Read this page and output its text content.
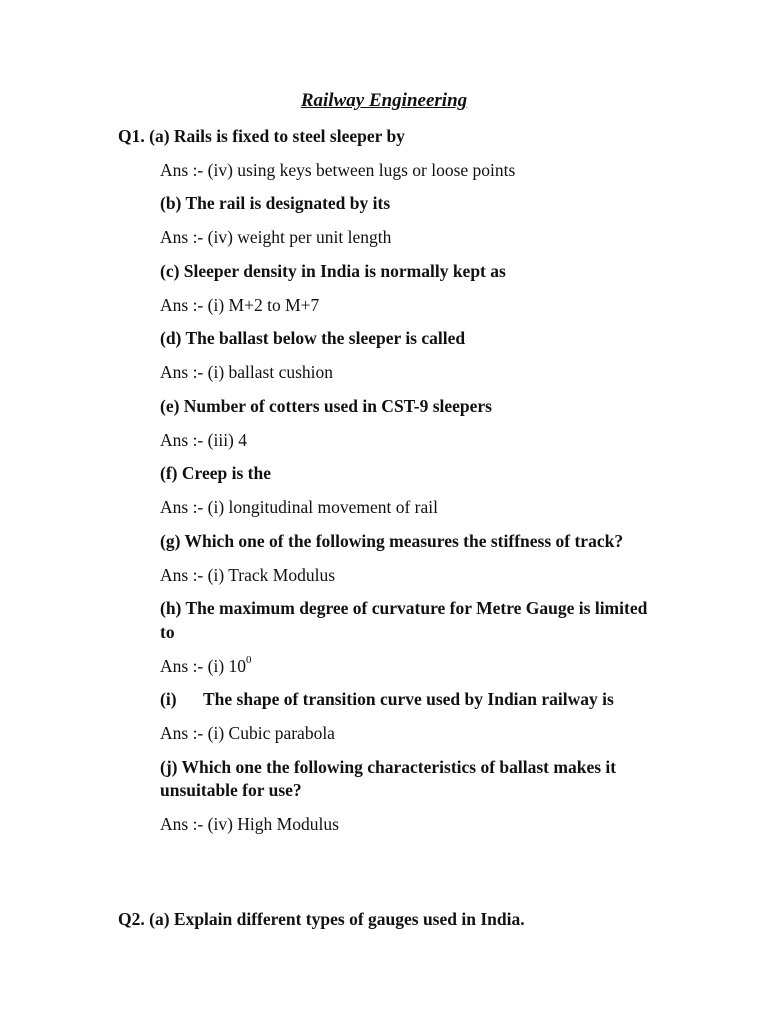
Railway Engineering

Q1. (a) Rails is fixed to steel sleeper by

Ans :- (iv) using keys between lugs or loose points

(b) The rail is designated by its

Ans :- (iv) weight per unit length

(c) Sleeper density in India is normally kept as

Ans :- (i) M+2 to M+7

(d) The ballast below the sleeper is called

Ans :- (i) ballast cushion

(e) Number of cotters used in CST-9 sleepers

Ans :- (iii) 4

(f) Creep is the

Ans :- (i) longitudinal movement of rail

(g) Which one of the following measures the stiffness of track?

Ans :- (i) Track Modulus

(h) The maximum degree of curvature for Metre Gauge is limited to

Ans :- (i) $10^0$

(i) The shape of transition curve used by Indian railway is

Ans :- (i) Cubic parabola

(j) Which one the following characteristics of ballast makes it unsuitable for use?

Ans :- (iv) High Modulus

Q2. (a) Explain different types of gauges used in India.
